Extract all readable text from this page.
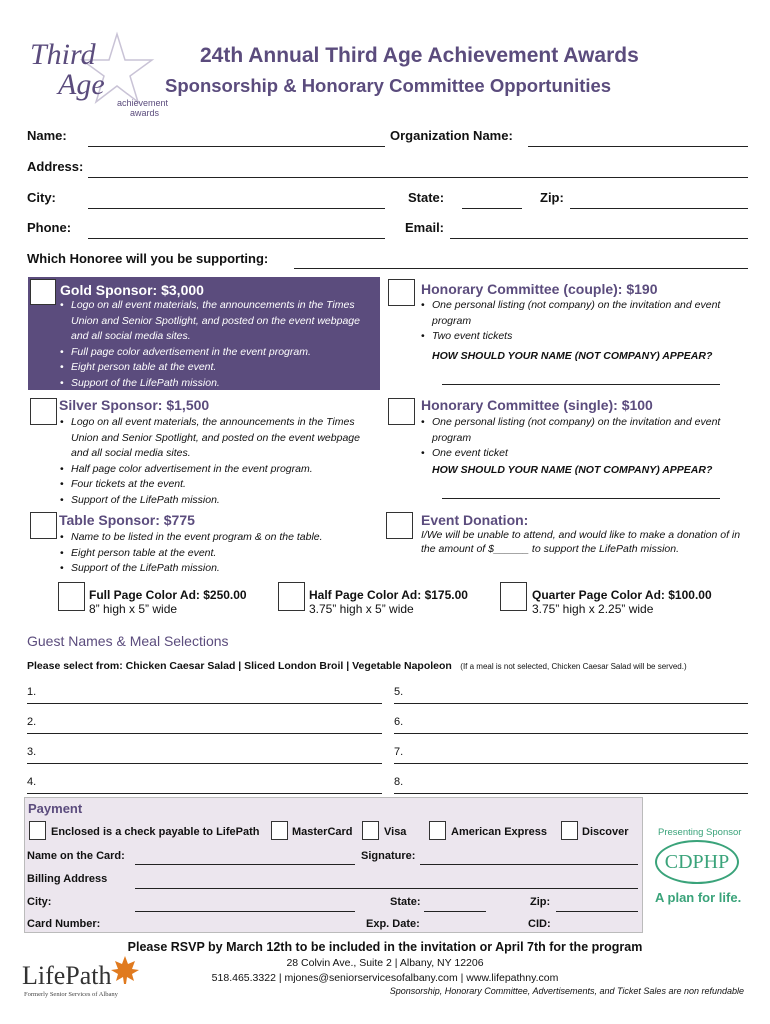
Third
Age
achievement
awards
24th Annual Third Age Achievement Awards
Sponsorship & Honorary Committee Opportunities
Name:	Organization Name:
Address:
City:	State:	Zip:
Phone:	Email:
Which Honoree will you be supporting:
Gold Sponsor: $3,000
• Logo on all event materials, the announcements in the Times Union and Senior Spotlight, and posted on the event webpage and all social media sites.
• Full page color advertisement in the event program.
• Eight person table at the event.
• Support of the LifePath mission.
Honorary Committee (couple): $190
• One personal listing (not company) on the invitation and event program
• Two event tickets
HOW SHOULD YOUR NAME (NOT COMPANY) APPEAR?
Silver Sponsor: $1,500
• Logo on all event materials, the announcements in the Times Union and Senior Spotlight, and posted on the event webpage and all social media sites.
• Half page color advertisement in the event program.
• Four tickets at the event.
• Support of the LifePath mission.
Honorary Committee (single): $100
• One personal listing (not company) on the invitation and event program
• One event ticket
HOW SHOULD YOUR NAME (NOT COMPANY) APPEAR?
Table Sponsor: $775
• Name to be listed in the event program & on the table.
• Eight person table at the event.
• Support of the LifePath mission.
Event Donation:
I/We will be unable to attend, and would like to make a donation of in the amount of $______ to support the LifePath mission.
Full Page Color Ad: $250.00
8” high x 5” wide
Half Page Color Ad: $175.00
3.75” high x 5” wide
Quarter Page Color Ad: $100.00
3.75” high x 2.25” wide
Guest Names & Meal Selections
Please select from: Chicken Caesar Salad | Sliced London Broil | Vegetable Napoleon (If a meal is not selected, Chicken Caesar Salad will be served.)
1.	5.
2.	6.
3.	7.
4.	8.
Payment
Enclosed is a check payable to LifePath	MasterCard	Visa	American Express	Discover
Name on the Card:	Signature:
Billing Address
City:	State:	Zip:
Card Number:	Exp. Date:	CID:
Presenting Sponsor
CDPHP
A plan for life.
Please RSVP by March 12th to be included in the invitation or April 7th for the program
LifePath
Formerly Senior Services of Albany
28 Colvin Ave., Suite 2 | Albany, NY 12206
518.465.3322 | mjones@seniorservicesofalbany.com | www.lifepathny.com
Sponsorship, Honorary Committee, Advertisements, and Ticket Sales are non refundable
